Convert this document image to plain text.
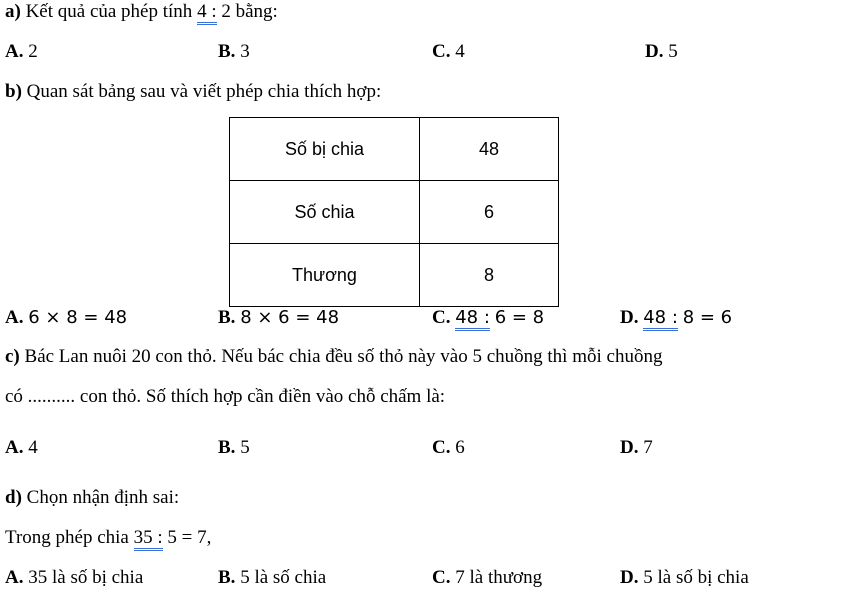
a) Kết quả của phép tính 4 : 2 bằng:
A. 2	B. 3	C. 4	D. 5
b) Quan sát bảng sau và viết phép chia thích hợp:
Số bị chia	48
Số chia	6
Thương	8
A. 6 × 8 = 48	B. 8 × 6 = 48	C. 48 : 6 = 8	D. 48 : 8 = 6
c) Bác Lan nuôi 20 con thỏ. Nếu bác chia đều số thỏ này vào 5 chuồng thì mỗi chuồng
có .......... con thỏ. Số thích hợp cần điền vào chỗ chấm là:
A. 4	B. 5	C. 6	D. 7
d) Chọn nhận định sai:
Trong phép chia 35 : 5 = 7,
A. 35 là số bị chia	B. 5 là số chia	C. 7 là thương	D. 5 là số bị chia
